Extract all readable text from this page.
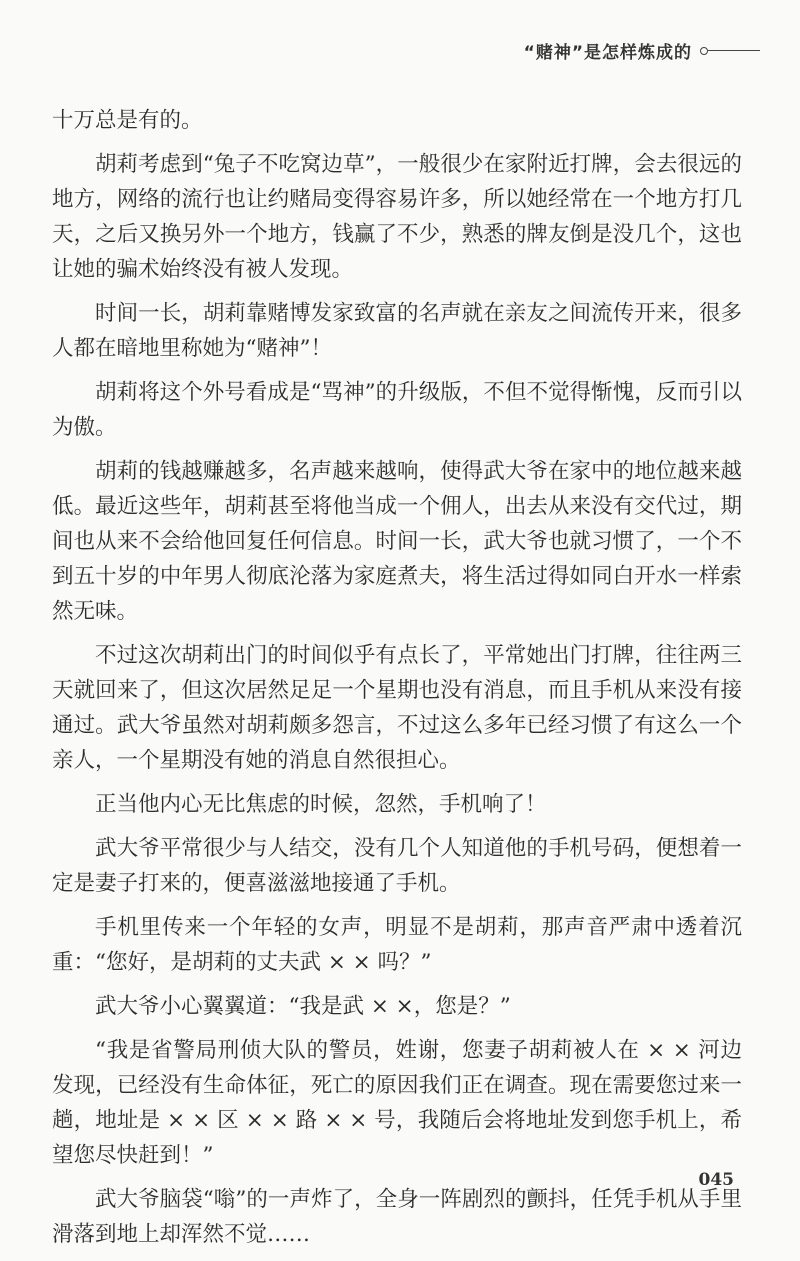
“赌神”是怎样炼成的

十万总是有的。

胡莉考虑到“兔子不吃窝边草”，一般很少在家附近打牌，会去很远的地方，网络的流行也让约赌局变得容易许多，所以她经常在一个地方打几天，之后又换另外一个地方，钱赢了不少，熟悉的牌友倒是没几个，这也让她的骗术始终没有被人发现。

时间一长，胡莉靠赌博发家致富的名声就在亲友之间流传开来，很多人都在暗地里称她为“赌神”！

胡莉将这个外号看成是“骂神”的升级版，不但不觉得惭愧，反而引以为傲。

胡莉的钱越赚越多，名声越来越响，使得武大爷在家中的地位越来越低。最近这些年，胡莉甚至将他当成一个佣人，出去从来没有交代过，期间也从来不会给他回复任何信息。时间一长，武大爷也就习惯了，一个不到五十岁的中年男人彻底沦落为家庭煮夫，将生活过得如同白开水一样索然无味。

不过这次胡莉出门的时间似乎有点长了，平常她出门打牌，往往两三天就回来了，但这次居然足足一个星期也没有消息，而且手机从来没有接通过。武大爷虽然对胡莉颇多怨言，不过这么多年已经习惯了有这么一个亲人，一个星期没有她的消息自然很担心。

正当他内心无比焦虑的时候，忽然，手机响了！

武大爷平常很少与人结交，没有几个人知道他的手机号码，便想着一定是妻子打来的，便喜滋滋地接通了手机。

手机里传来一个年轻的女声，明显不是胡莉，那声音严肃中透着沉重：“您好，是胡莉的丈夫武 × × 吗？”

武大爷小心翼翼道：“我是武 × ×，您是？”

“我是省警局刑侦大队的警员，姓谢，您妻子胡莉被人在 × × 河边发现，已经没有生命体征，死亡的原因我们正在调查。现在需要您过来一趟，地址是 × × 区 × × 路 × × 号，我随后会将地址发到您手机上，希望您尽快赶到！”

武大爷脑袋“嗡”的一声炸了，全身一阵剧烈的颤抖，任凭手机从手里滑落到地上却浑然不觉……

045
